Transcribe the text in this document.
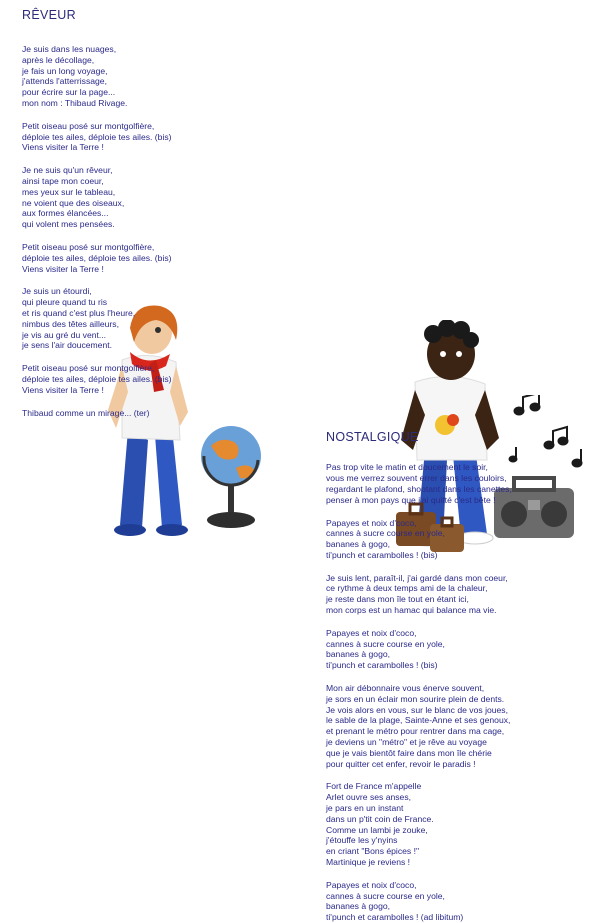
RÊVEUR
Je suis dans les nuages,
après le décollage,
je fais un long voyage,
j'attends l'atterrissage,
pour écrire sur la page...
mon nom : Thibaud Rivage.
Petit oiseau posé sur montgolfière,
déploie tes ailes, déploie tes ailes. (bis)
Viens visiter la Terre !
Je ne suis qu'un rêveur,
ainsi tape mon coeur,
mes yeux sur le tableau,
ne voient que des oiseaux,
aux formes élancées...
qui volent mes pensées.
Petit oiseau posé sur montgolfière,
déploie tes ailes, déploie tes ailes. (bis)
Viens visiter la Terre !
Je suis un étourdi,
qui pleure quand tu ris
et ris quand c'est plus l'heure,
nimbus des têtes ailleurs,
je vis au gré du vent...
je sens l'air doucement.
Petit oiseau posé sur montgolfière,
déploie tes ailes, déploie tes ailes. (bis)
Viens visiter la Terre !
Thibaud comme un mirage... (ter)
NOSTALGIQUE
Pas trop vite le matin et doucement le soir,
vous me verrez souvent errer dans les couloirs,
regardant le plafond, shootant dans les canettes,
penser à mon pays que j'ai quitté c'est bête !
Papayes et noix d'coco,
cannes à sucre course en yole,
bananes à gogo,
ti'punch et carambolles ! (bis)
Je suis lent, paraît-il, j'ai gardé dans mon coeur,
ce rythme à deux temps ami de la chaleur,
je reste dans mon île tout en étant ici,
mon corps est un hamac qui balance ma vie.
Papayes et noix d'coco,
cannes à sucre course en yole,
bananes à gogo,
ti'punch et carambolles ! (bis)
Mon air débonnaire vous énerve souvent,
je sors en un éclair mon sourire plein de dents.
Je vois alors en vous, sur le blanc de vos joues,
le sable de la plage, Sainte-Anne et ses genoux,
et prenant le métro pour rentrer dans ma cage,
je deviens un "métro" et je rêve au voyage
que je vais bientôt faire dans mon île chérie
pour quitter cet enfer, revoir le paradis !
Fort de France m'appelle
Arlet ouvre ses anses,
je pars en un instant
dans un p'tit coin de France.
Comme un lambi je zouke,
j'étouffe les y'nyins
en criant "Bons épices !"
Martinique je reviens !
Papayes et noix d'coco,
cannes à sucre course en yole,
bananes à gogo,
ti'punch et carambolles ! (ad libitum)
